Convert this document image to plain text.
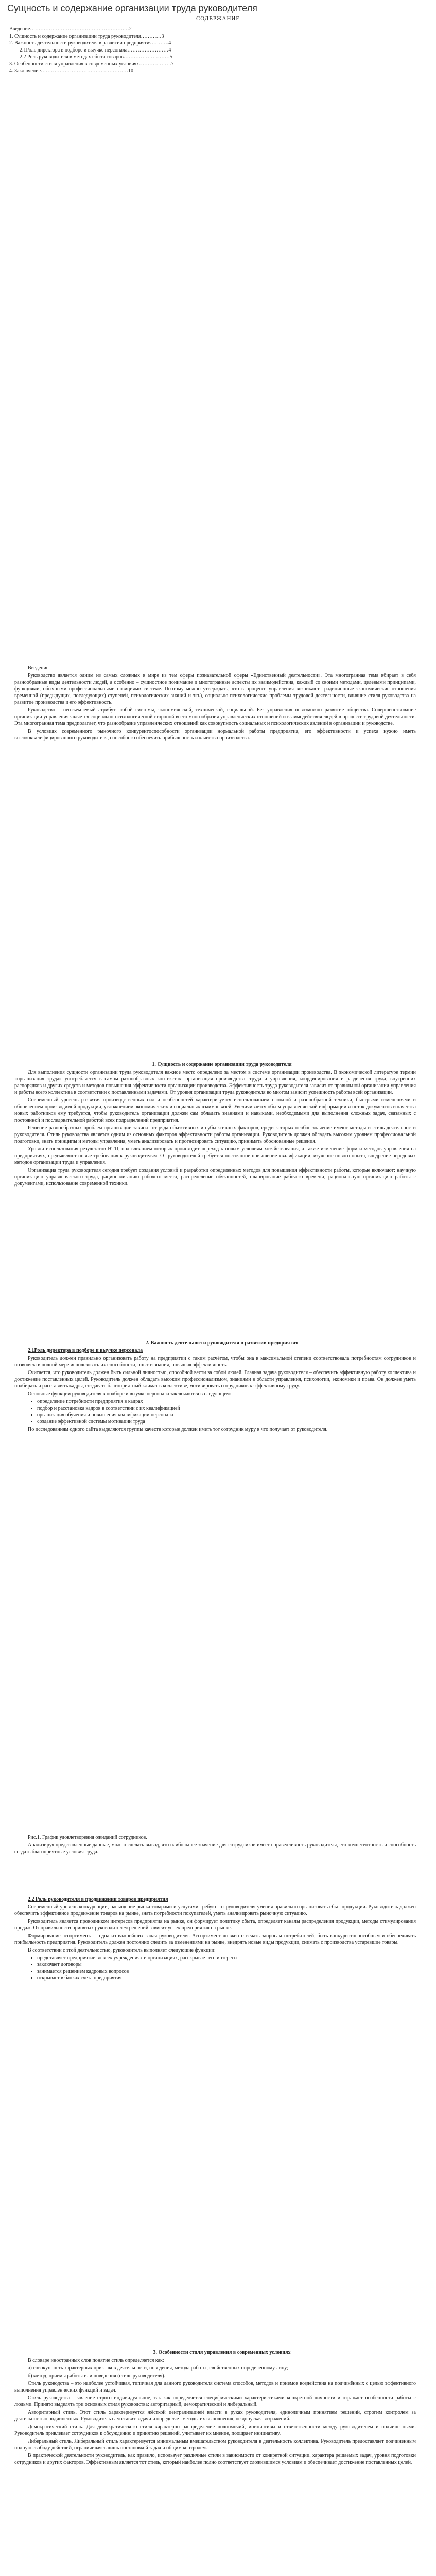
Сущность и содержание организации труда руководителя
СОДЕРЖАНИЕ
Введение……………………………………………….…2
1. Сущность и содержание организации труда руководителя…………3
2. Важность деятельности руководителя в развитии предприятия……….4
2.1Роль директора в подборе и выучке персонала……………………4
2.2 Роль руководителя в методах сбыта товаров………………………5
3. Особенности стиля управления в современных условиях……………….7
4. Заключение……………………………………………10

Введение

Руководство является одним из самых сложных в мире из тем сферы познавательной сферы «Единственный деятельности». Эта многогранная тема вбирает в себя разнообразные виды деятельности людей, а особенно – сущностное понимание и многогранные аспекты их взаимодействия, каждый со своими методами, целевыми принципами, функциями, обычными профессиональными позициями системе. Поэтому можно утверждать, что в процессе управления возникают традиционные экономические отношения временной (предыдущих, последующих) ступеней, психологических знаний и т.п.), социально-психологические проблемы трудовой деятельности, влияние стиля руководства на развитие производства и его эффективность.

Руководство – неотъемлемый атрибут любой системы, экономической, технической, социальной. Без управления невозможно развитие общества. Совершенствование организации управления является социально-психологической стороной всего многообразия управленческих отношений и взаимодействия людей в процессе трудовой деятельности. Эта многогранная тема предполагает, что разнообразие управленческих отношений как совокупность социальных и психологических явлений в организации и руководстве.

В условиях современного рыночного конкурентоспособности организации нормальной работы предприятия, его эффективности и успеха нужно иметь высококвалифицированного руководителя, способного обеспечить прибыльность и качество производства.

1. Сущность и содержание организации труда руководителя

Для выполнения сущности организации труда руководителя важное место определено за местом в системе организации производства. В экономической литературе термин «организация труда» употребляется в самом разнообразных контекстах: организация производства, труда и управления, координирования и разделения труда, внутренних распорядков и других средств и методов повышения эффективности организации производства. Эффективность труда руководителя зависит от правильной организации управления и работы всего коллектива в соответствии с поставленными задачами. От уровня организации труда руководителя во многом зависит успешность работы всей организации.

Современный уровень развития производственных сил и особенностей характеризуется использованием сложной и разнообразной техники, быстрыми изменениями и обновлением производимой продукции, усложнением экономических и социальных взаимосвязей. Увеличивается объём управленческой информации и поток документов и качества новых работников ему требуется, чтобы руководитель организации должен сам обладать знаниями и навыками, необходимыми для выполнения сложных задач, связанных с постоянной и последовательной работой всех подразделений предприятия.

Решение разнообразных проблем организации зависит от ряда объективных и субъективных факторов, среди которых особое значение имеют методы и стиль деятельности руководителя. Стиль руководства является одним из основных факторов эффективности работы организации. Руководитель должен обладать высоким уровнем профессиональной подготовки, знать принципы и методы управления, уметь анализировать и прогнозировать ситуацию, принимать обоснованные решения.

Уровни использования результатов НТП, под влиянием которых происходит переход к новым условиям хозяйствования, а также изменение форм и методов управления на предприятиях, предъявляют новые требования к руководителям. От руководителей требуется постоянное повышение квалификации, изучение нового опыта, внедрение передовых методов организации труда и управления.

Организация труда руководителя сегодня требует создания условий и разработки определенных методов для повышения эффективности работы, которые включают: научную организацию управленческого труда, рационализацию рабочего места, распределение обязанностей, планирование рабочего времени, рациональную организацию работы с документами, использование современной техники.

2. Важность деятельности руководителя в развитии предприятия

2.1Роль директора в подборе и выучке персонала

Руководитель должен правильно организовать работу на предприятии с таким расчётом, чтобы она в максимальной степени соответствовала потребностям сотрудников и позволяла в полной мере использовать их способности, опыт и знания, повышая эффективность.

Считается, что руководитель должен быть сильной личностью, способной вести за собой людей. Главная задача руководителя – обеспечить эффективную работу коллектива и достижение поставленных целей. Руководитель должен обладать высоким профессионализмом, знаниями в области управления, психологии, экономики и права. Он должен уметь подбирать и расставлять кадры, создавать благоприятный климат в коллективе, мотивировать сотрудников к эффективному труду.

Основные функции руководителя в подборе и выучке персонала заключаются в следующем:

• определение потребности предприятия в кадрах
• подбор и расстановка кадров в соответствии с их квалификацией
• организация обучения и повышения квалификации персонала
• создание эффективной системы мотивации труда

По исследованиям одного сайта выделяются группы качеств которые должен иметь тот сотрудник муру в что получает от руководителя.

Рис.1. График удовлетворения ожиданий сотрудников.

Анализируя представленные данные, можно сделать вывод, что наибольшее значение для сотрудников имеет справедливость руководителя, его компетентность и способность создать благоприятные условия труда.

2.2 Роль руководителя в продвижении товаров предприятия

Современный уровень конкуренции, насыщение рынка товарами и услугами требуют от руководителя умения правильно организовать сбыт продукции. Руководитель должен обеспечить эффективное продвижение товаров на рынке, знать потребности покупателей, уметь анализировать рыночную ситуацию.

Руководитель является проводником интересов предприятия на рынке, он формирует политику сбыта, определяет каналы распределения продукции, методы стимулирования продаж. От правильности принятых руководителем решений зависит успех предприятия на рынке.

Формирование ассортимента – одна из важнейших задач руководителя. Ассортимент должен отвечать запросам потребителей, быть конкурентоспособным и обеспечивать прибыльность предприятия. Руководитель должен постоянно следить за изменениями на рынке, внедрять новые виды продукции, снимать с производства устаревшие товары.

В соответствии с этой деятельностью, руководитель выполняет следующие функции:

• представляет предприятие во всех учреждениях и организациях, расскрывает его интересы
• заключает договоры
• занимается решением кадровых вопросов
• открывает в банках счета предприятия

3. Особенности стиля управления в современных условиях

В словаре иностранных слов понятие стиль определяется как:

а) совокупность характерных признаков деятельности, поведения, метода работы, свойственных определенному лицу;

б) метод, приёмы работы или поведения (стиль руководителя).

Стиль руководства – это наиболее устойчивая, типичная для данного руководителя система способов, методов и приемов воздействия на подчинённых с целью эффективного выполнения управленческих функций и задач.

Стиль руководства – явление строго индивидуальное, так как определяется специфическими характеристиками конкретной личности и отражает особенности работы с людьми. Принято выделять три основных стиля руководства: авторитарный, демократический и либеральный.

Авторитарный стиль. Этот стиль характеризуется жёсткой централизацией власти в руках руководителя, единоличным принятием решений, строгим контролем за деятельностью подчинённых. Руководитель сам ставит задачи и определяет методы их выполнения, не допуская возражений.

Демократический стиль. Для демократического стиля характерно распределение полномочий, инициативы и ответственности между руководителем и подчинёнными. Руководитель привлекает сотрудников к обсуждению и принятию решений, учитывает их мнение, поощряет инициативу.

Либеральный стиль. Либеральный стиль характеризуется минимальным вмешательством руководителя в деятельность коллектива. Руководитель предоставляет подчинённым полную свободу действий, ограничиваясь лишь постановкой задач и общим контролем.

В практической деятельности руководитель, как правило, использует различные стили в зависимости от конкретной ситуации, характера решаемых задач, уровня подготовки сотрудников и других факторов. Эффективным является тот стиль, который наиболее полно соответствует сложившимся условиям и обеспечивает достижение поставленных целей.
